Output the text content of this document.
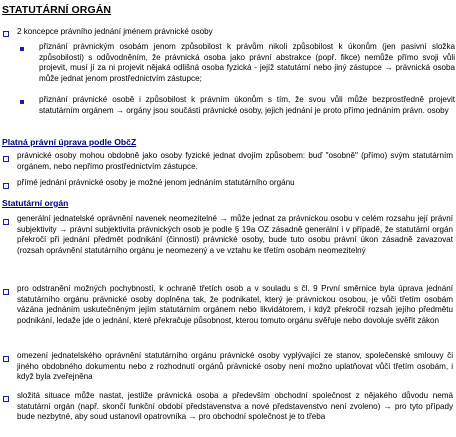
STATUTÁRNÍ ORGÁN
2 koncepce právního jednání jménem právnické osoby
přiznání právnickým osobám jenom způsobilost k právům nikoli způsobilost k úkonům (jen pasivní složka způsobilosti) s odůvodněním, že právnická osoba jako právní abstrakce (popř. fikce) nemůže přímo svoji vůli projevit, musí jí za ni projevit nějaká odlišná osoba fyzická - jejíž statutární nebo jiný zástupce → právnická osoba může jednat jenom prostřednictvím zástupce;
přiznání právnické osobě i způsobilost k právním úkonům s tím, že svou vůli může bezprostředně projevit statutárním orgánem → orgány jsou součástí právnické osoby, jejich jednání je proto přímo jednáním právn. osoby
Platná právní úprava podle ObčZ
právnické osoby mohou obdobně jako osoby fyzické jednat dvojím způsobem: buď "osobně" (přímo) svým statutárním orgánem, nebo nepřímo prostřednictvím zástupce.
přímé jednání právnické osoby je možné jenom jednáním statutárního orgánu
Statutární orgán
generální jednatelské oprávnění navenek neomezitelné → může jednat za právnickou osobu v celém rozsahu její právní subjektivity → právní subjektivita právnických osob je podle § 19a OZ zásadně generální i v případě, že statutární orgán překročí při jednání předmět podnikání (činnosti) právnické osoby, bude tuto osobu právní úkon zásadně zavazovat (rozsah oprávnění statutárního orgánu je neomezený a ve vztahu ke třetím osobám neomezitelný
pro odstranění možných pochybností, k ochraně třetích osob a v souladu s čl. 9 První směrnice byla úprava jednání statutárního orgánu právnické osoby doplněna tak, že podnikatel, který je právnickou osobou, je vůči třetím osobám vázána jednáním uskutečněným jejím statutárním orgánem nebo likvidátorem, i když překročil rozsah jejího předmětu podnikání, ledaže jde o jednání, které překračuje působnost, kterou tomuto orgánu svěřuje nebo dovoluje svěřit zákon
omezení jednatelského oprávnění statutárního orgánu právnické osoby vyplývající ze stanov, společenské smlouvy či jiného obdobného dokumentu nebo z rozhodnutí orgánů právnické osoby není možno uplatňovat vůči třetím osobám, i když byla zveřejněna
složitá situace může nastat, jestliže právnická osoba a především obchodní společnost z nějakého důvodu nemá statutární orgán (např. skončí funkční období představenstva a nové představenstvo není zvoleno) → pro tyto případy bude nezbytné, aby soud ustanovil opatrovníka → pro obchodní společnost je to třeba
